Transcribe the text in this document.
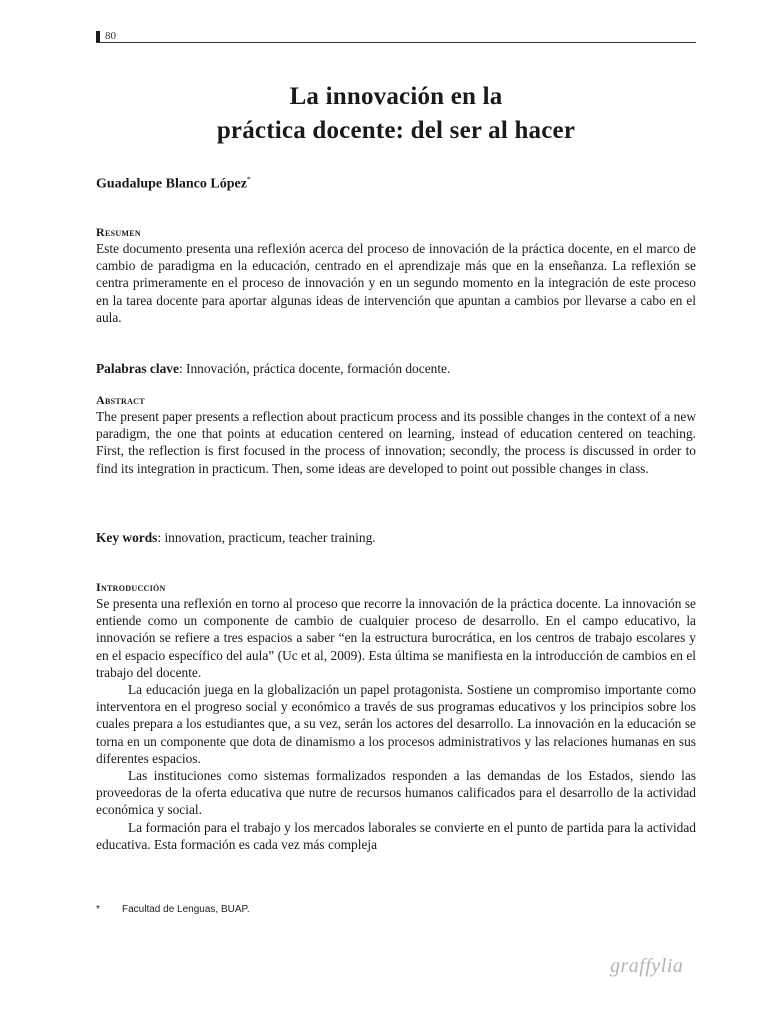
80
La innovación en la
práctica docente: del ser al hacer
Guadalupe Blanco López*
Resumen

Este documento presenta una reflexión acerca del proceso de innovación de la práctica docente, en el marco de cambio de paradigma en la educación, centrado en el aprendizaje más que en la enseñanza. La reflexión se centra primeramente en el proceso de innovación y en un segundo momento en la integración de este proceso en la tarea docente para aportar algunas ideas de intervención que apuntan a cambios por llevarse a cabo en el aula.

Palabras clave: Innovación, práctica docente, formación docente.
Abstract

The present paper presents a reflection about practicum process and its possible changes in the context of a new paradigm, the one that points at education centered on learning, instead of education centered on teaching. First, the reflection is first focused in the process of innovation; secondly, the process is discussed in order to find its integration in practicum. Then, some ideas are developed to point out possible changes in class.

Key words: innovation, practicum, teacher training.
Introducción

Se presenta una reflexión en torno al proceso que recorre la innovación de la práctica docente. La innovación se entiende como un componente de cambio de cualquier proceso de desarrollo. En el campo educativo, la innovación se refiere a tres espacios a saber “en la estructura burocrática, en los centros de trabajo escolares y en el espacio específico del aula” (Uc et al, 2009). Esta última se manifiesta en la introducción de cambios en el trabajo del docente.

La educación juega en la globalización un papel protagonista. Sostiene un compromiso importante como interventora en el progreso social y económico a través de sus programas educativos y los principios sobre los cuales prepara a los estudiantes que, a su vez, serán los actores del desarrollo. La innovación en la educación se torna en un componente que dota de dinamismo a los procesos administrativos y las relaciones humanas en sus diferentes espacios.

Las instituciones como sistemas formalizados responden a las demandas de los Estados, siendo las proveedoras de la oferta educativa que nutre de recursos humanos calificados para el desarrollo de la actividad económica y social.

La formación para el trabajo y los mercados laborales se convierte en el punto de partida para la actividad educativa. Esta formación es cada vez más compleja

* Facultad de Lenguas, BUAP.
graffylia
